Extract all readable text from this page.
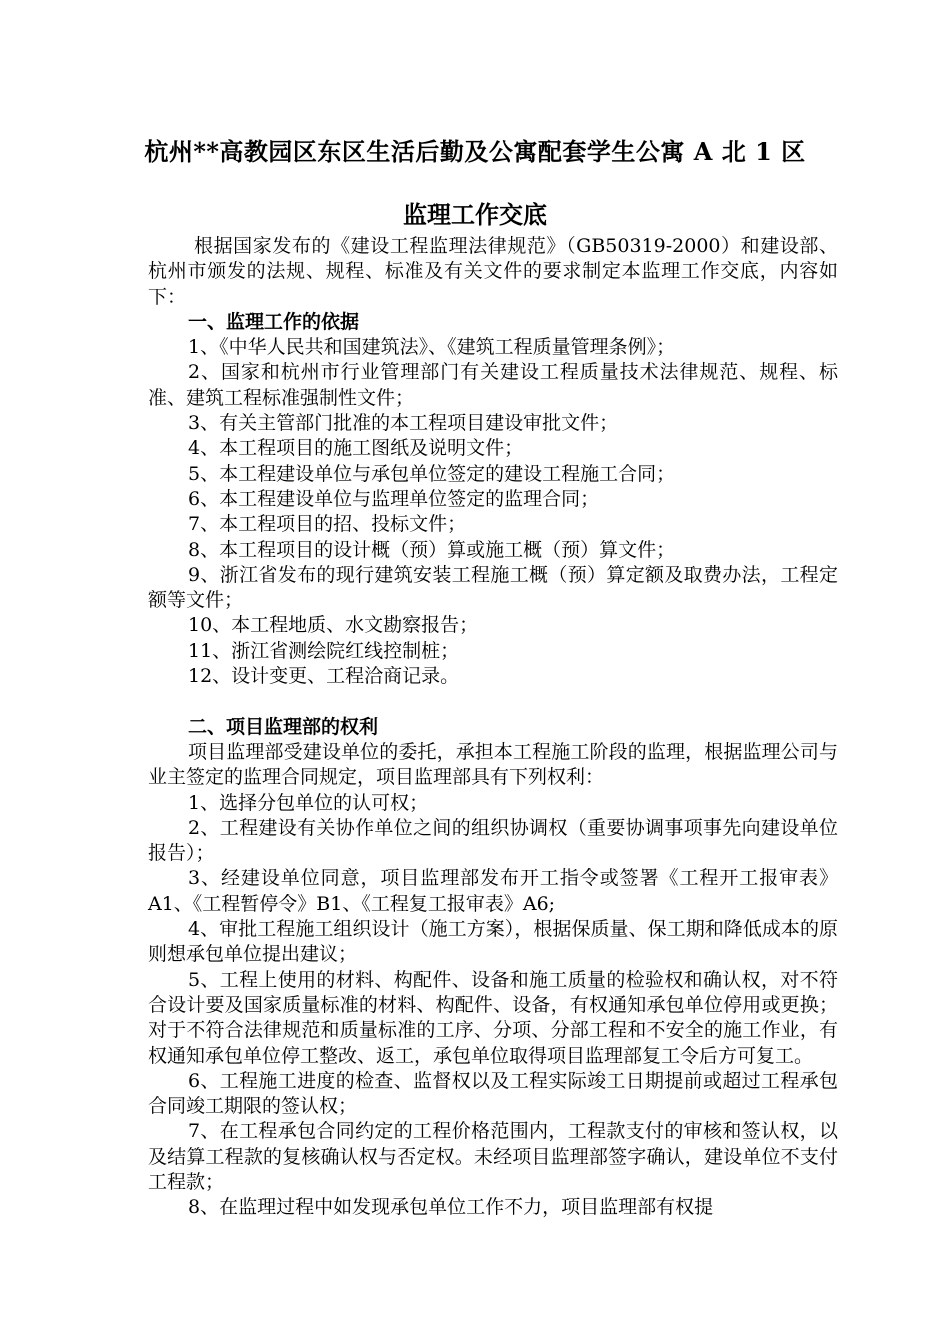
杭州**高教园区东区生活后勤及公寓配套学生公寓 A 北 1 区
监理工作交底

根据国家发布的《建设工程监理法律规范》（GB50319-2000）和建设部、杭州市颁发的法规、规程、标准及有关文件的要求制定本监理工作交底，内容如下：

一、监理工作的依据

1、《中华人民共和国建筑法》、《建筑工程质量管理条例》；

2、国家和杭州市行业管理部门有关建设工程质量技术法律规范、规程、标准、建筑工程标准强制性文件；

3、有关主管部门批准的本工程项目建设审批文件；

4、本工程项目的施工图纸及说明文件；

5、本工程建设单位与承包单位签定的建设工程施工合同；

6、本工程建设单位与监理单位签定的监理合同；

7、本工程项目的招、投标文件；

8、本工程项目的设计概（预）算或施工概（预）算文件；

9、浙江省发布的现行建筑安装工程施工概（预）算定额及取费办法，工程定额等文件；

10、本工程地质、水文勘察报告；

11、浙江省测绘院红线控制桩；

12、设计变更、工程洽商记录。

二、项目监理部的权利

项目监理部受建设单位的委托，承担本工程施工阶段的监理，根据监理公司与业主签定的监理合同规定，项目监理部具有下列权利：

1、选择分包单位的认可权；

2、工程建设有关协作单位之间的组织协调权（重要协调事项事先向建设单位报告）；

3、经建设单位同意，项目监理部发布开工指令或签署《工程开工报审表》A1、《工程暂停令》B1、《工程复工报审表》A6;

4、审批工程施工组织设计（施工方案），根据保质量、保工期和降低成本的原则想承包单位提出建议；

5、工程上使用的材料、构配件、设备和施工质量的检验权和确认权，对不符合设计要及国家质量标准的材料、构配件、设备，有权通知承包单位停用或更换；对于不符合法律规范和质量标准的工序、分项、分部工程和不安全的施工作业，有权通知承包单位停工整改、返工，承包单位取得项目监理部复工令后方可复工。

6、工程施工进度的检查、监督权以及工程实际竣工日期提前或超过工程承包合同竣工期限的签认权；

7、在工程承包合同约定的工程价格范围内，工程款支付的审核和签认权，以及结算工程款的复核确认权与否定权。未经项目监理部签字确认，建设单位不支付工程款；

8、在监理过程中如发现承包单位工作不力，项目监理部有权提
